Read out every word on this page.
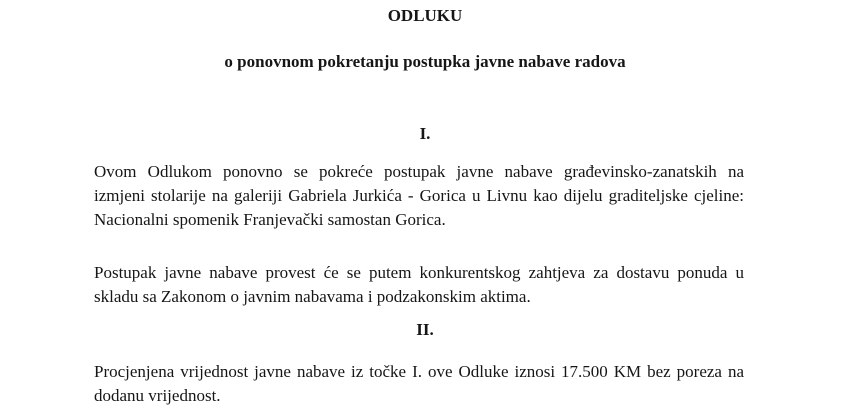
ODLUKU
o ponovnom pokretanju postupka javne nabave radova
I.

Ovom Odlukom ponovno se pokreće postupak javne nabave građevinsko-zanatskih na
izmjeni stolarije na galeriji Gabriela Jurkića - Gorica u Livnu kao dijelu graditeljske cjeline:
Nacionalni spomenik Franjevački samostan Gorica.

Postupak javne nabave provest će se putem konkurentskog zahtjeva za dostavu ponuda u
skladu sa Zakonom o javnim nabavama i podzakonskim aktima.

II.

Procjenjena vrijednost javne nabave iz točke I. ove Odluke iznosi 17.500 KM bez poreza na
dodanu vrijednost.
